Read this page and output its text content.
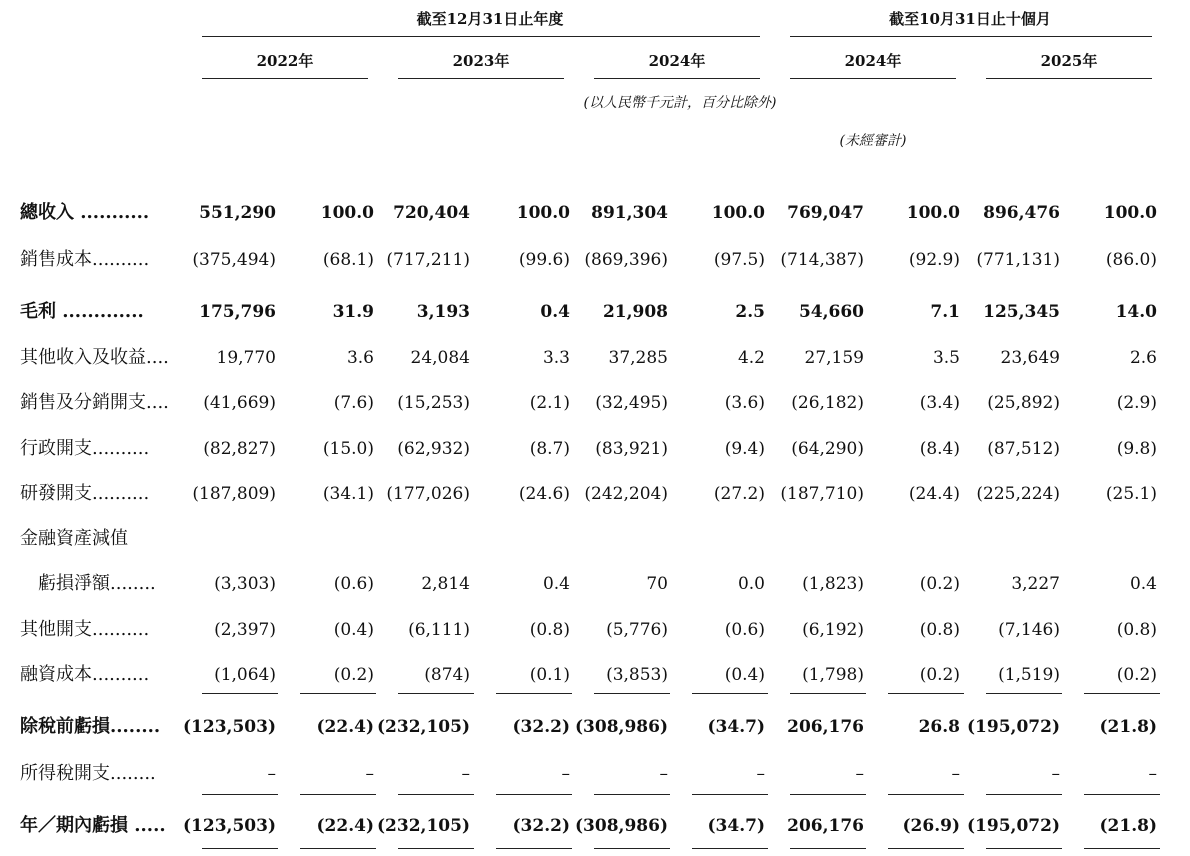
截至12月31日止年度	截至10月31日止十個月
2022年	2023年	2024年	2024年	2025年
(以人民幣千元計，百分比除外)
(未經審計)
總收入 ...........	551,290	100.0	720,404	100.0	891,304	100.0	769,047	100.0	896,476	100.0
銷售成本..........	(375,494)	(68.1) (717,211)	(99.6) (869,396)	(97.5) (714,387)	(92.9) (771,131)	(86.0)
毛利 .............	175,796	31.9	3,193	0.4	21,908	2.5	54,660	7.1	125,345	14.0
其他收入及收益....	19,770	3.6	24,084	3.3	37,285	4.2	27,159	3.5	23,649	2.6
銷售及分銷開支....	(41,669)	(7.6)	(15,253)	(2.1)	(32,495)	(3.6)	(26,182)	(3.4)	(25,892)	(2.9)
行政開支..........	(82,827)	(15.0)	(62,932)	(8.7)	(83,921)	(9.4)	(64,290)	(8.4)	(87,512)	(9.8)
研發開支..........	(187,809)	(34.1) (177,026)	(24.6) (242,204)	(27.2) (187,710)	(24.4) (225,224)	(25.1)
金融資產減值
虧損淨額........	(3,303)	(0.6)	2,814	0.4	70	0.0	(1,823)	(0.2)	3,227	0.4
其他開支..........	(2,397)	(0.4)	(6,111)	(0.8)	(5,776)	(0.6)	(6,192)	(0.8)	(7,146)	(0.8)
融資成本..........	(1,064)	(0.2)	(874)	(0.1)	(3,853)	(0.4)	(1,798)	(0.2)	(1,519)	(0.2)
除稅前虧損........	(123,503)	(22.4) (232,105)	(32.2) (308,986)	(34.7)	206,176	26.8 (195,072)	(21.8)
所得稅開支........	–	–	–	–	–	–	–	–	–	–
年／期內虧損 .....	(123,503)	(22.4) (232,105)	(32.2) (308,986)	(34.7)	206,176	(26.9) (195,072)	(21.8)
